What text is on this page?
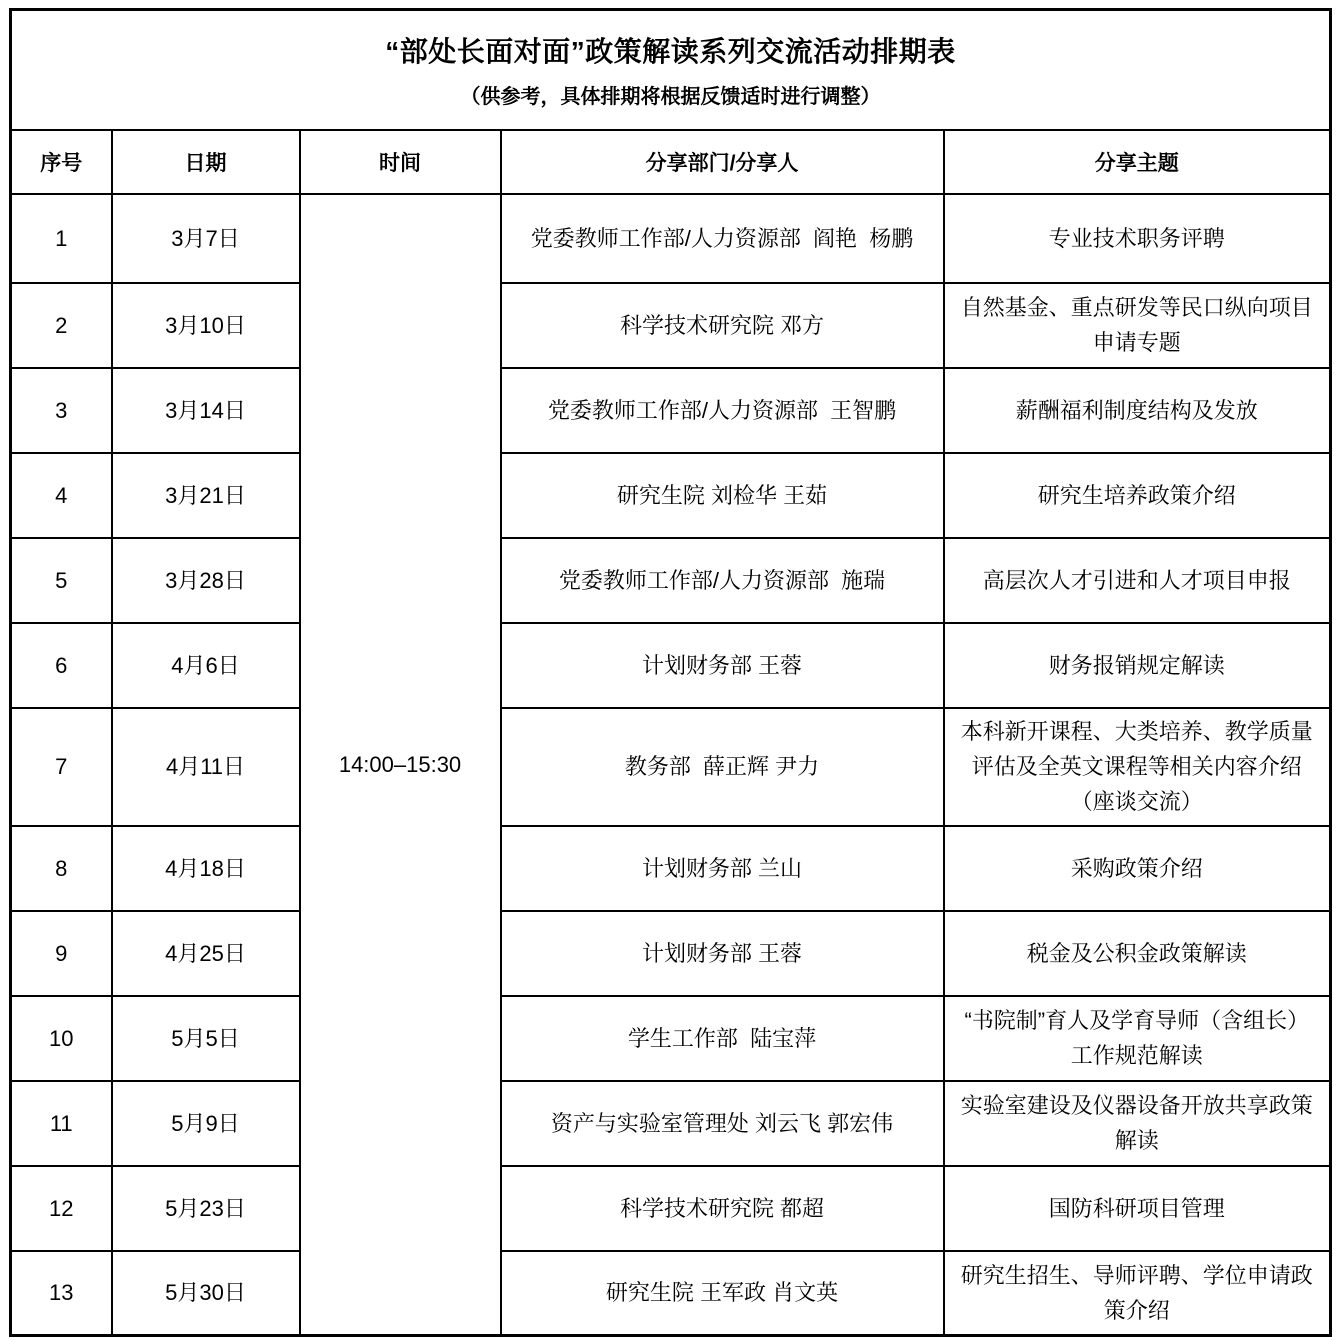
“部处长面对面”政策解读系列交流活动排期表
（供参考，具体排期将根据反馈适时进行调整）				

序号	日期	时间	分享部门/分享人	分享主题
1	3月7日	14:00–15:30	党委教师工作部/人力资源部  阎艳  杨鹏	专业技术职务评聘
2	3月10日		科学技术研究院 邓方	自然基金、重点研发等民口纵向项目申请专题
3	3月14日		党委教师工作部/人力资源部  王智鹏	薪酬福利制度结构及发放
4	3月21日		研究生院 刘检华 王茹	研究生培养政策介绍
5	3月28日		党委教师工作部/人力资源部  施瑞	高层次人才引进和人才项目申报
6	4月6日		计划财务部 王蓉	财务报销规定解读
7	4月11日		教务部  薛正辉 尹力	本科新开课程、大类培养、教学质量评估及全英文课程等相关内容介绍（座谈交流）
8	4月18日		计划财务部 兰山	采购政策介绍
9	4月25日		计划财务部 王蓉	税金及公积金政策解读
10	5月5日		学生工作部  陆宝萍	“书院制”育人及学育导师（含组长）工作规范解读
11	5月9日		资产与实验室管理处 刘云飞 郭宏伟	实验室建设及仪器设备开放共享政策解读
12	5月23日		科学技术研究院 都超	国防科研项目管理
13	5月30日		研究生院 王军政 肖文英	研究生招生、导师评聘、学位申请政策介绍
